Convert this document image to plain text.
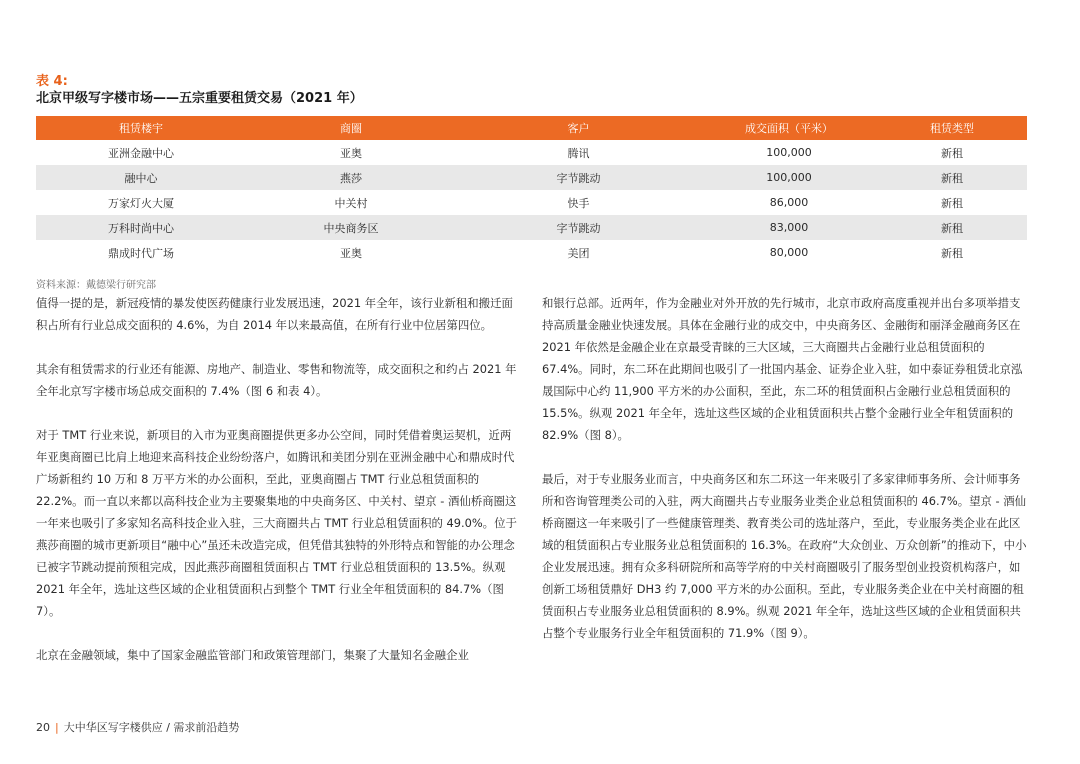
表 4:
北京甲级写字楼市场——五宗重要租赁交易（2021 年）
租赁楼宇	商圈	客户	成交面积（平米）	租赁类型
亚洲金融中心	亚奥	腾讯	100,000	新租
融中心	燕莎	字节跳动	100,000	新租
万家灯火大厦	中关村	快手	86,000	新租
万科时尚中心	中央商务区	字节跳动	83,000	新租
鼎成时代广场	亚奥	美团	80,000	新租
资料来源：戴德梁行研究部

值得一提的是，新冠疫情的暴发使医药健康行业发展迅速，2021 年全年，该行业新租和搬迁面积占所有行业总成交面积的 4.6%，为自 2014 年以来最高值，在所有行业中位居第四位。

其余有租赁需求的行业还有能源、房地产、制造业、零售和物流等，成交面积之和约占 2021 年全年北京写字楼市场总成交面积的 7.4%（图 6 和表 4）。

对于 TMT 行业来说，新项目的入市为亚奥商圈提供更多办公空间，同时凭借着奥运契机，近两年亚奥商圈已比肩上地迎来高科技企业纷纷落户，如腾讯和美团分别在亚洲金融中心和鼎成时代广场新租约 10 万和 8 万平方米的办公面积，至此，亚奥商圈占 TMT 行业总租赁面积的 22.2%。而一直以来都以高科技企业为主要聚集地的中央商务区、中关村、望京 - 酒仙桥商圈这一年来也吸引了多家知名高科技企业入驻，三大商圈共占 TMT 行业总租赁面积的 49.0%。位于燕莎商圈的城市更新项目“融中心”虽还未改造完成，但凭借其独特的外形特点和智能的办公理念已被字节跳动提前预租完成，因此燕莎商圈租赁面积占 TMT 行业总租赁面积的 13.5%。纵观 2021 年全年，选址这些区域的企业租赁面积占到整个 TMT 行业全年租赁面积的 84.7%（图 7）。

北京在金融领域，集中了国家金融监管部门和政策管理部门，集聚了大量知名金融企业

和银行总部。近两年，作为金融业对外开放的先行城市，北京市政府高度重视并出台多项举措支持高质量金融业快速发展。具体在金融行业的成交中，中央商务区、金融街和丽泽金融商务区在 2021 年依然是金融企业在京最受青睐的三大区域，三大商圈共占金融行业总租赁面积的 67.4%。同时，东二环在此期间也吸引了一批国内基金、证券企业入驻，如中泰证券租赁北京泓晟国际中心约 11,900 平方米的办公面积，至此，东二环的租赁面积占金融行业总租赁面积的 15.5%。纵观 2021 年全年，选址这些区域的企业租赁面积共占整个金融行业全年租赁面积的 82.9%（图 8）。

最后，对于专业服务业而言，中央商务区和东二环这一年来吸引了多家律师事务所、会计师事务所和咨询管理类公司的入驻，两大商圈共占专业服务业类企业总租赁面积的 46.7%。望京 - 酒仙桥商圈这一年来吸引了一些健康管理类、教育类公司的选址落户，至此，专业服务类企业在此区域的租赁面积占专业服务业总租赁面积的 16.3%。在政府“大众创业、万众创新”的推动下，中小企业发展迅速。拥有众多科研院所和高等学府的中关村商圈吸引了服务型创业投资机构落户，如创新工场租赁鼎好 DH3 约 7,000 平方米的办公面积。至此，专业服务类企业在中关村商圈的租赁面积占专业服务业总租赁面积的 8.9%。纵观 2021 年全年，选址这些区域的企业租赁面积共占整个专业服务行业全年租赁面积的 71.9%（图 9）。

20 | 大中华区写字楼供应 / 需求前沿趋势
